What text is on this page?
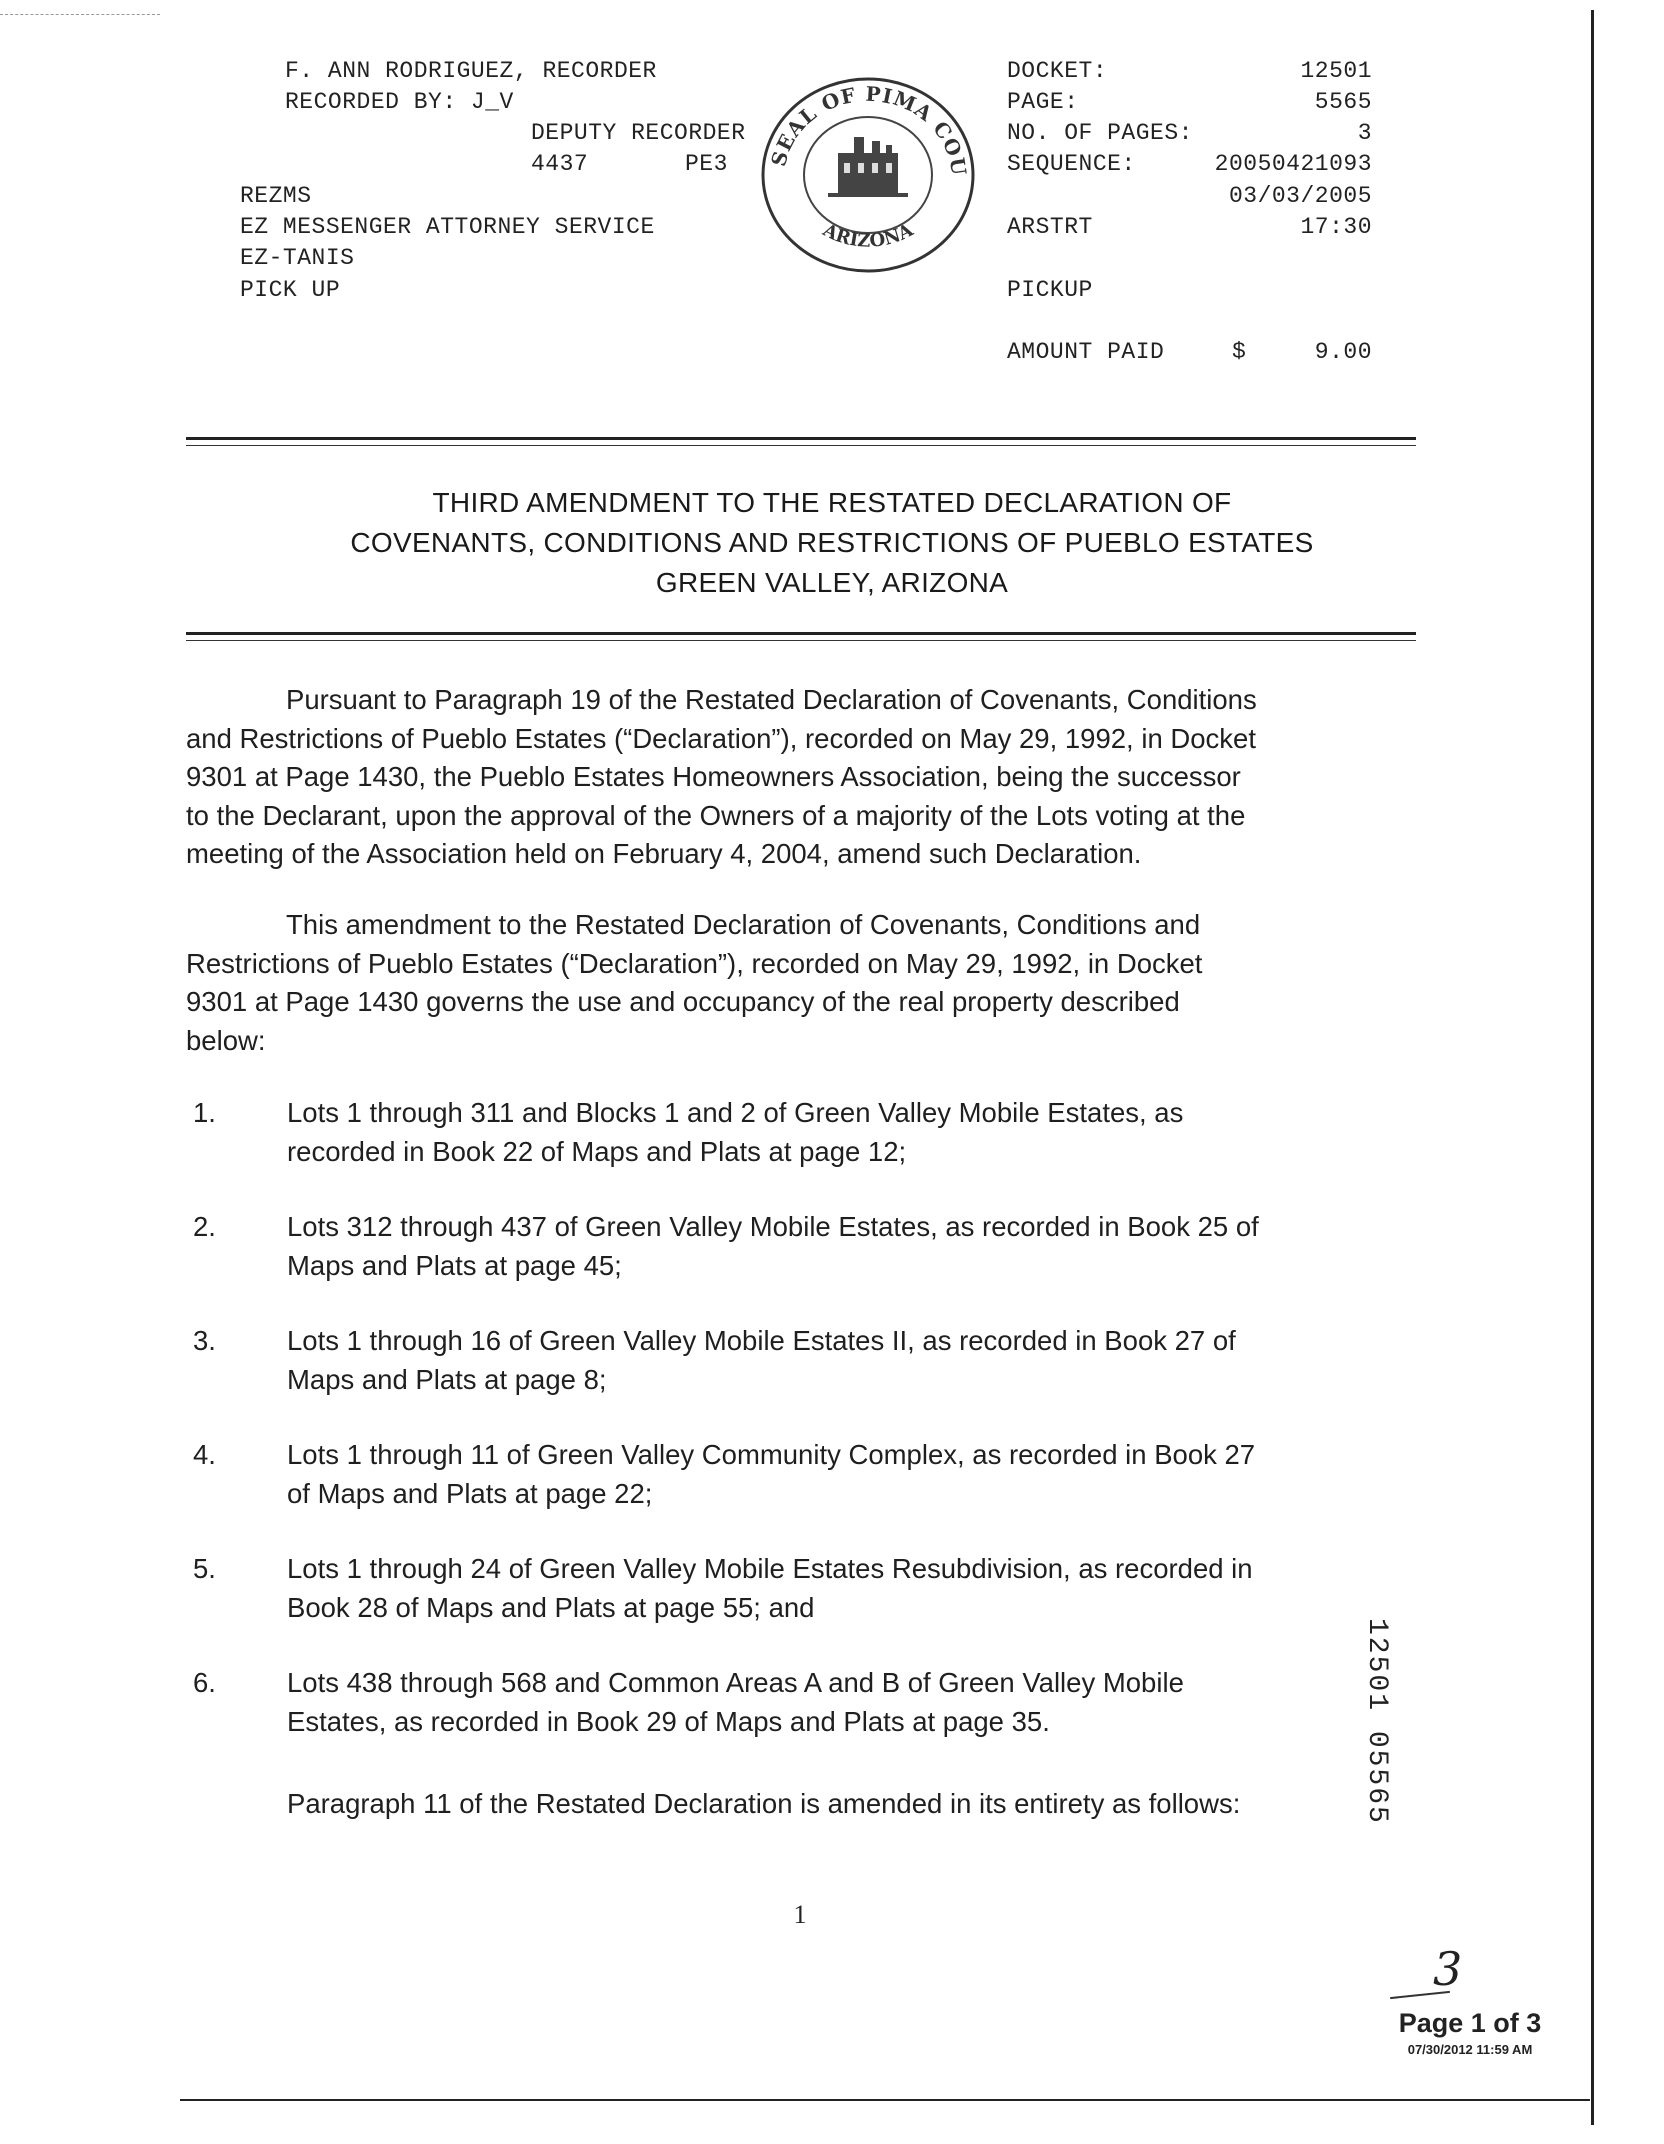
F. ANN RODRIGUEZ, RECORDER
RECORDED BY: J_V
DEPUTY RECORDER
4437	PE3
REZMS
EZ MESSENGER ATTORNEY SERVICE
EZ-TANIS
PICK UP
SEAL OF PIMA COU
ARIZONA
DOCKET:	12501
PAGE:	5565
NO. OF PAGES:	3
SEQUENCE:	20050421093
03/03/2005
ARSTRT	17:30
PICKUP
AMOUNT PAID	$	9.00
THIRD AMENDMENT TO THE RESTATED DECLARATION OF
COVENANTS, CONDITIONS AND RESTRICTIONS OF PUEBLO ESTATES
GREEN VALLEY, ARIZONA
Pursuant to Paragraph 19 of the Restated Declaration of Covenants, Conditions
and Restrictions of Pueblo Estates (“Declaration”), recorded on May 29, 1992, in Docket
9301 at Page 1430, the Pueblo Estates Homeowners Association, being the successor
to the Declarant, upon the approval of the Owners of a majority of the Lots voting at the
meeting of the Association held on February 4, 2004, amend such Declaration.
This amendment to the Restated Declaration of Covenants, Conditions and
Restrictions of Pueblo Estates (“Declaration”), recorded on May 29, 1992, in Docket
9301 at Page 1430 governs the use and occupancy of the real property described
below:
1.	Lots 1 through 311 and Blocks 1 and 2 of Green Valley Mobile Estates, as
recorded in Book 22 of Maps and Plats at page 12;
2.	Lots 312 through 437 of Green Valley Mobile Estates, as recorded in Book 25 of
Maps and Plats at page 45;
3.	Lots 1 through 16 of Green Valley Mobile Estates II, as recorded in Book 27 of
Maps and Plats at page 8;
4.	Lots 1 through 11 of Green Valley Community Complex, as recorded in Book 27
of Maps and Plats at page 22;
5.	Lots 1 through 24 of Green Valley Mobile Estates Resubdivision, as recorded in
Book 28 of Maps and Plats at page 55; and
6.	Lots 438 through 568 and Common Areas A and B of Green Valley Mobile
Estates, as recorded in Book 29 of Maps and Plats at page 35.
Paragraph 11 of the Restated Declaration is amended in its entirety as follows:	12501 05565
1
3
Page 1 of 3
07/30/2012 11:59 AM
